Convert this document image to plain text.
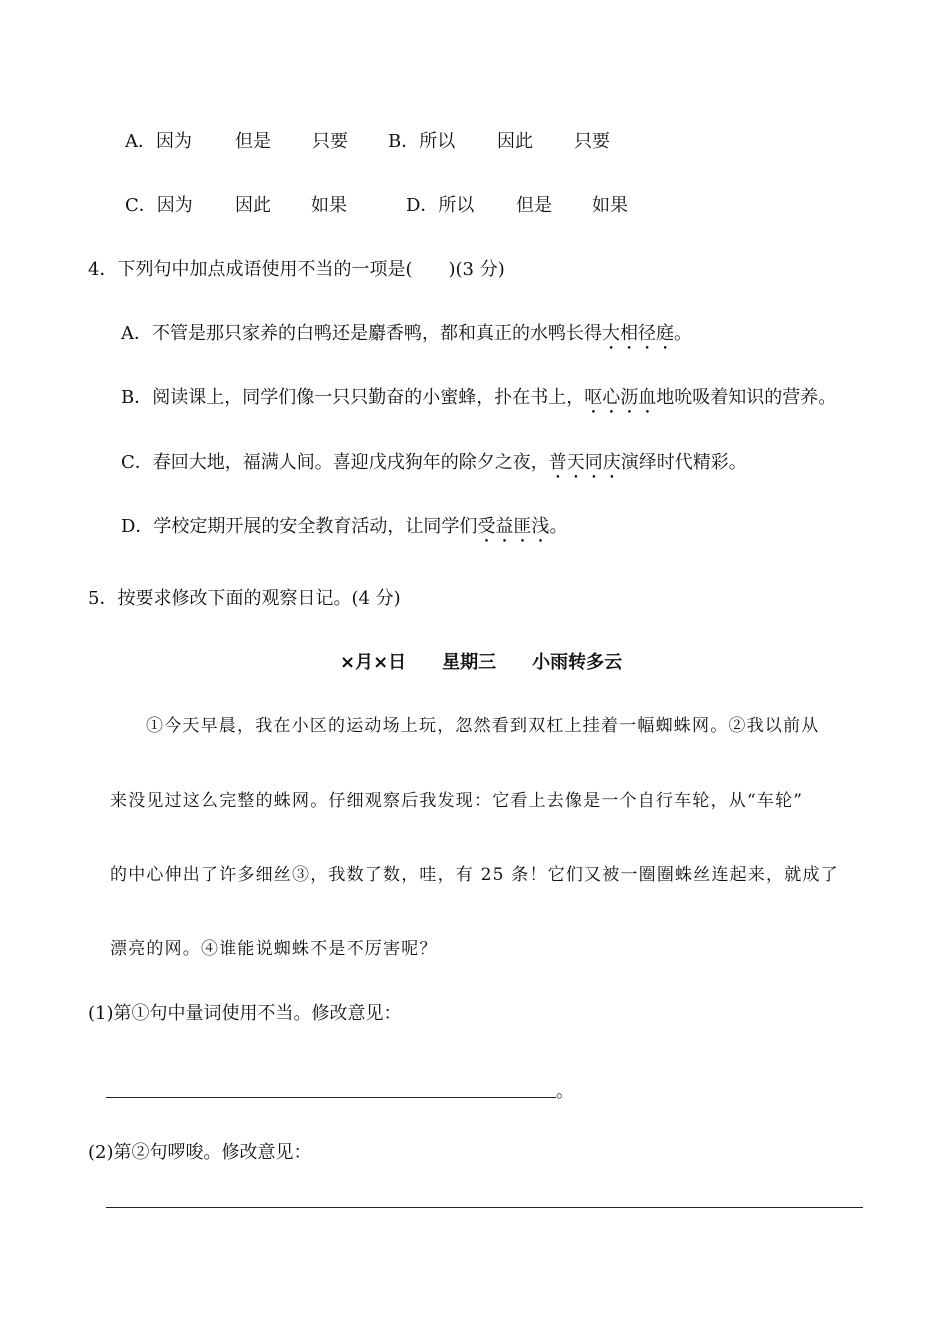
A．因为 但是 只要 B．所以 因此 只要
C．因为 因此 如果	D．所以 但是 如果
4．下列句中加点成语使用不当的一项是(　　)(3 分)
A．不管是那只家养的白鸭还是麝香鸭，都和真正的水鸭长得大相径庭。
B．阅读课上，同学们像一只只勤奋的小蜜蜂，扑在书上，呕心沥血地吮吸着知识的营养。
C．春回大地，福满人间。喜迎戊戌狗年的除夕之夜，普天同庆演绎时代精彩。
D．学校定期开展的安全教育活动，让同学们受益匪浅。
5．按要求修改下面的观察日记。(4 分)
×月×日　　星期三　　小雨转多云
①今天早晨，我在小区的运动场上玩，忽然看到双杠上挂着一幅蜘蛛网。②我以前从
来没见过这么完整的蛛网。仔细观察后我发现：它看上去像是一个自行车轮，从“车轮”
的中心伸出了许多细丝③，我数了数，哇，有 25 条！它们又被一圈圈蛛丝连起来，就成了
漂亮的网。④谁能说蜘蛛不是不厉害呢？
(1)第①句中量词使用不当。修改意见：
。
(2)第②句啰唆。修改意见：
